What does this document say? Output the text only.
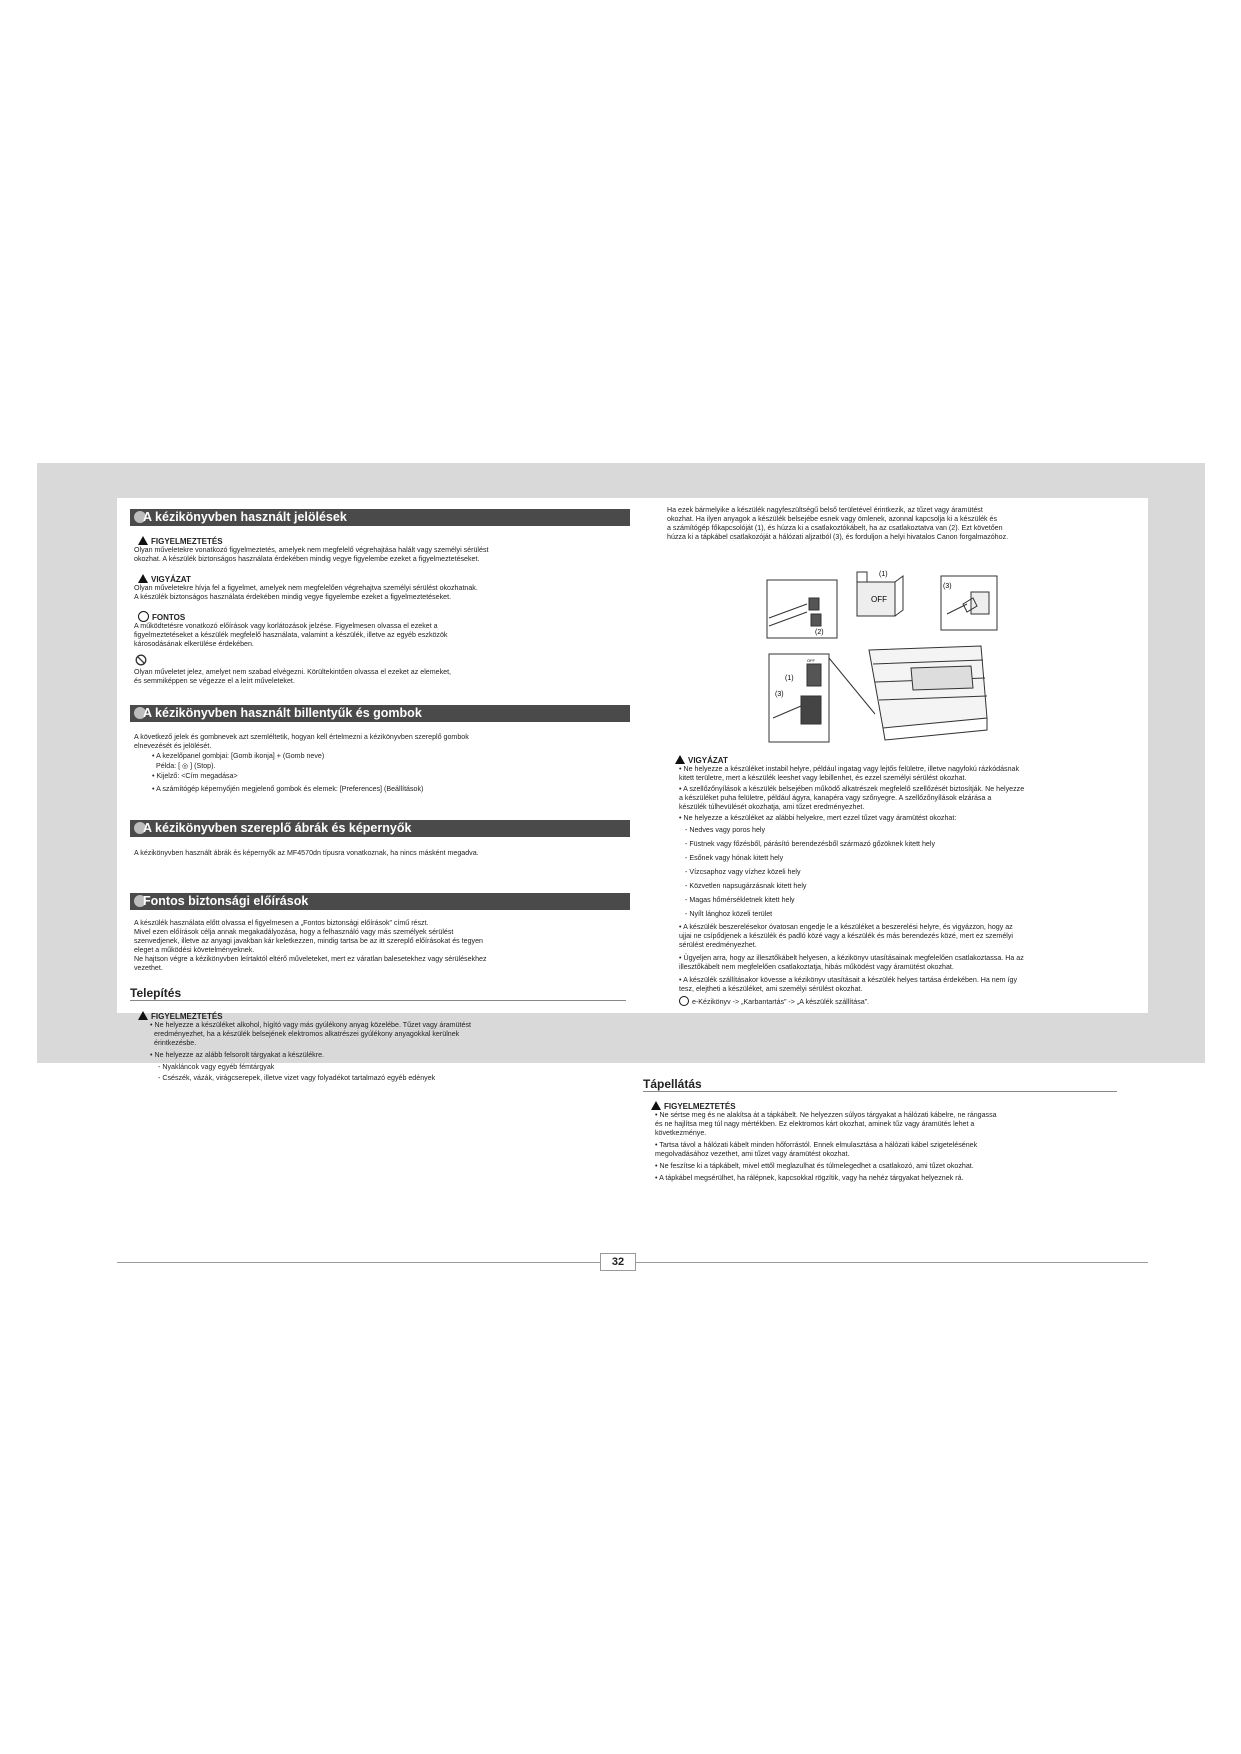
A kézikönyvben használt jelölések
FIGYELMEZTETÉS
Olyan műveletekre vonatkozó figyelmeztetés, amelyek nem megfelelő végrehajtása halált vagy személyi sérülést
okozhat. A készülék biztonságos használata érdekében mindig vegye figyelembe ezeket a figyelmeztetéseket.
VIGYÁZAT
Olyan műveletekre hívja fel a figyelmet, amelyek nem megfelelően végrehajtva személyi sérülést okozhatnak.
A készülék biztonságos használata érdekében mindig vegye figyelembe ezeket a figyelmeztetéseket.
FONTOS
A működtetésre vonatkozó előírások vagy korlátozások jelzése. Figyelmesen olvassa el ezeket a
figyelmeztetéseket a készülék megfelelő használata, valamint a készülék, illetve az egyéb eszközök
károsodásának elkerülése érdekében.
Olyan műveletet jelez, amelyet nem szabad elvégezni. Körültekintően olvassa el ezeket az elemeket,
és semmiképpen se végezze el a leírt műveleteket.
A kézikönyvben használt billentyűk és gombok
A következő jelek és gombnevek azt szemléltetik, hogyan kell értelmezni a kézikönyvben szereplő gombok
elnevezését és jelölését.
• A kezelőpanel gombjai: [Gomb ikonja] + (Gomb neve)
Példa: [ ◎ ] (Stop).
• Kijelző: <Cím megadása>
• A számítógép képernyőjén megjelenő gombok és elemek: [Preferences] (Beállítások)
A kézikönyvben szereplő ábrák és képernyők
A kézikönyvben használt ábrák és képernyők az MF4570dn típusra vonatkoznak, ha nincs másként megadva.
Fontos biztonsági előírások
A készülék használata előtt olvassa el figyelmesen a „Fontos biztonsági előírások” című részt.
Mivel ezen előírások célja annak megakadályozása, hogy a felhasználó vagy más személyek sérülést
szenvedjenek, illetve az anyagi javakban kár keletkezzen, mindig tartsa be az itt szereplő előírásokat és tegyen
eleget a működési követelményeknek.
Ne hajtson végre a kézikönyvben leírtaktól eltérő műveleteket, mert ez váratlan balesetekhez vagy sérülésekhez
vezethet.
Telepítés
FIGYELMEZTETÉS
• Ne helyezze a készüléket alkohol, hígító vagy más gyúlékony anyag közelébe. Tűzet vagy áramütést
eredményezhet, ha a készülék belsejének elektromos alkatrészei gyúlékony anyagokkal kerülnek
érintkezésbe.
• Ne helyezze az alább felsorolt tárgyakat a készülékre.
- Nyakláncok vagy egyéb fémtárgyak
- Csészék, vázák, virágcserepek, illetve vizet vagy folyadékot tartalmazó egyéb edények
Ha ezek bármelyike a készülék nagyfeszültségű belső területével érintkezik, az tűzet vagy áramütést
okozhat. Ha ilyen anyagok a készülék belsejébe esnek vagy ömlenek, azonnal kapcsolja ki a készülék és
a számítógép főkapcsolóját (1), és húzza ki a csatlakoztókábelt, ha az csatlakoztatva van (2). Ezt követően
húzza ki a tápkábel csatlakozóját a hálózati aljzatból (3), és forduljon a helyi hivatalos Canon forgalmazóhoz.
(1)
(3)
OFF
(2)
(1)
(3)
OFF
VIGYÁZAT
• Ne helyezze a készüléket instabil helyre, például ingatag vagy lejtős felületre, illetve nagyfokú rázkódásnak
kitett területre, mert a készülék leeshet vagy lebillenhet, és ezzel személyi sérülést okozhat.
• A szellőzőnyílások a készülék belsejében működő alkatrészek megfelelő szellőzését biztosítják. Ne helyezze
a készüléket puha felületre, például ágyra, kanapéra vagy szőnyegre. A szellőzőnyílások elzárása a
készülék túlhevülését okozhatja, ami tűzet eredményezhet.
• Ne helyezze a készüléket az alábbi helyekre, mert ezzel tűzet vagy áramütést okozhat:
- Nedves vagy poros hely
- Füstnek vagy főzésből, párásító berendezésből származó gőzöknek kitett hely
- Esőnek vagy hónak kitett hely
- Vízcsaphoz vagy vízhez közeli hely
- Közvetlen napsugárzásnak kitett hely
- Magas hőmérsékletnek kitett hely
- Nyílt lánghoz közeli terület
• A készülék beszerelésekor óvatosan engedje le a készüléket a beszerelési helyre, és vigyázzon, hogy az
ujjai ne csípődjenek a készülék és padló közé vagy a készülék és más berendezés közé, mert ez személyi
sérülést eredményezhet.
• Ügyeljen arra, hogy az illesztőkábelt helyesen, a kézikönyv utasításainak megfelelően csatlakoztassa. Ha az
illesztőkábelt nem megfelelően csatlakoztatja, hibás működést vagy áramütést okozhat.
• A készülék szállításakor kövesse a kézikönyv utasításait a készülék helyes tartása érdekében. Ha nem így
tesz, elejtheti a készüléket, ami személyi sérülést okozhat.
e-Kézikönyv -> „Karbantartás” -> „A készülék szállítása”.
Tápellátás
FIGYELMEZTETÉS
• Ne sértse meg és ne alakítsa át a tápkábelt. Ne helyezzen súlyos tárgyakat a hálózati kábelre, ne rángassa
és ne hajlítsa meg túl nagy mértékben. Ez elektromos kárt okozhat, aminek tűz vagy áramütés lehet a
következménye.
• Tartsa távol a hálózati kábelt minden hőforrástól. Ennek elmulasztása a hálózati kábel szigetelésének
megolvadásához vezethet, ami tűzet vagy áramütést okozhat.
• Ne feszítse ki a tápkábelt, mivel ettől meglazulhat és túlmelegedhet a csatlakozó, ami tűzet okozhat.
• A tápkábel megsérülhet, ha rálépnek, kapcsokkal rögzítik, vagy ha nehéz tárgyakat helyeznek rá.
32
